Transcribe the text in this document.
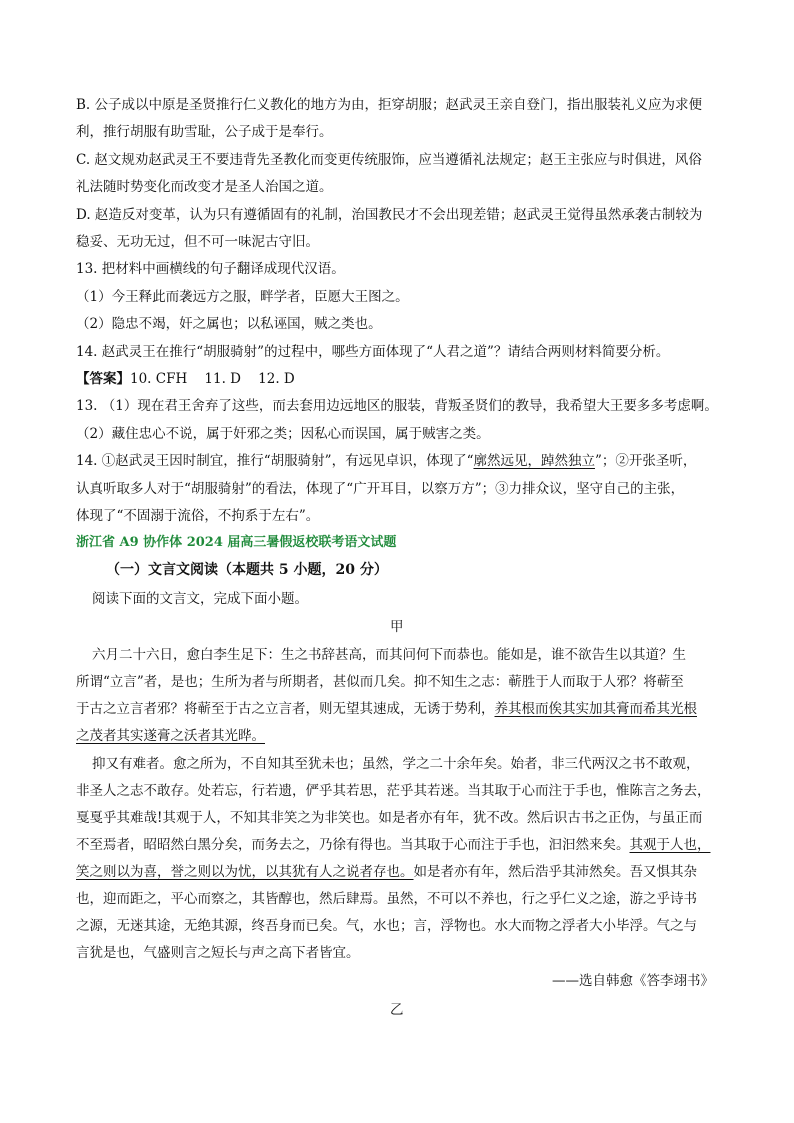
B. 公子成以中原是圣贤推行仁义教化的地方为由，拒穿胡服；赵武灵王亲自登门，指出服装礼义应为求便
利，推行胡服有助雪耻，公子成于是奉行。
C. 赵文规劝赵武灵王不要违背先圣教化而变更传统服饰，应当遵循礼法规定；赵王主张应与时俱进，风俗
礼法随时势变化而改变才是圣人治国之道。
D. 赵造反对变革，认为只有遵循固有的礼制，治国教民才不会出现差错；赵武灵王觉得虽然承袭古制较为
稳妥、无功无过，但不可一味泥古守旧。
13. 把材料中画横线的句子翻译成现代汉语。
（1）今王释此而袭远方之服，畔学者，臣愿大王图之。
（2）隐忠不竭，奸之属也；以私诬国，贼之类也。
14. 赵武灵王在推行“胡服骑射”的过程中，哪些方面体现了“人君之道”？请结合两则材料简要分析。
【答案】10. CFH    11. D    12. D
13. （1）现在君王舍弃了这些，而去套用边远地区的服装，背叛圣贤们的教导，我希望大王要多多考虑啊。
（2）藏住忠心不说，属于奸邪之类；因私心而误国，属于贼害之类。
14. ①赵武灵王因时制宜，推行“胡服骑射”，有远见卓识，体现了“廓然远见，踔然独立”；②开张圣听，
认真听取多人对于“胡服骑射”的看法，体现了“广开耳目，以察万方”；③力排众议，坚守自己的主张，
体现了“不固溺于流俗，不拘系于左右”。
浙江省 A9 协作体 2024 届高三暑假返校联考语文试题
（一）文言文阅读（本题共 5 小题，20 分）
阅读下面的文言文，完成下面小题。
甲
六月二十六日，愈白李生足下：生之书辞甚高，而其问何下而恭也。能如是，谁不欲告生以其道？生
所谓“立言”者，是也；生所为者与所期者，甚似而几矣。抑不知生之志：蕲胜于人而取于人邪？将蕲至
于古之立言者邪？将蕲至于古之立言者，则无望其速成，无诱于势利，养其根而俟其实加其膏而希其光根
之茂者其实遂膏之沃者其光晔。
抑又有难者。愈之所为，不自知其至犹未也；虽然，学之二十余年矣。始者，非三代两汉之书不敢观，
非圣人之志不敢存。处若忘，行若遗，俨乎其若思，茫乎其若迷。当其取于心而注于手也，惟陈言之务去，
戛戛乎其难哉!其观于人，不知其非笑之为非笑也。如是者亦有年，犹不改。然后识古书之正伪，与虽正而
不至焉者，昭昭然白黑分矣，而务去之，乃徐有得也。当其取于心而注于手也，汩汩然来矣。其观于人也，
笑之则以为喜，誉之则以为忧，以其犹有人之说者存也。如是者亦有年，然后浩乎其沛然矣。吾又惧其杂
也，迎而距之，平心而察之，其皆醇也，然后肆焉。虽然，不可以不养也，行之乎仁义之途，游之乎诗书
之源，无迷其途，无绝其源，终吾身而已矣。气，水也；言，浮物也。水大而物之浮者大小毕浮。气之与
言犹是也，气盛则言之短长与声之高下者皆宜。
——选自韩愈《答李翊书》
乙
